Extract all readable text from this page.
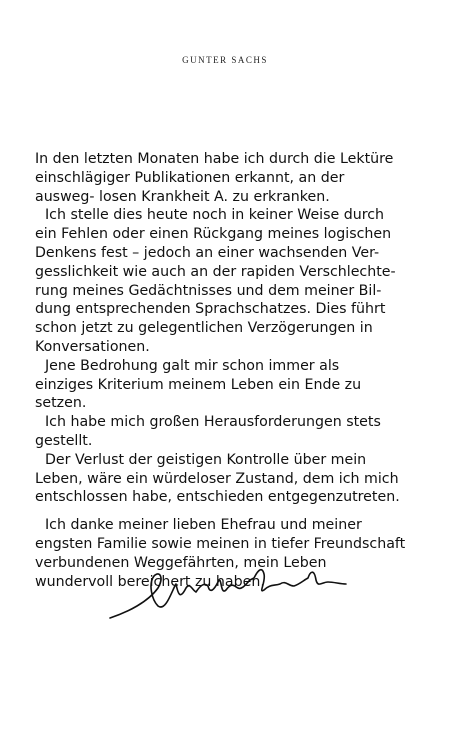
GUNTER SACHS
In den letzten Monaten habe ich durch die Lektüre
einschlägiger Publikationen erkannt, an der
ausweg- losen Krankheit A. zu erkranken.
Ich stelle dies heute noch in keiner Weise durch
ein Fehlen oder einen Rückgang meines logischen
Denkens fest – jedoch an einer wachsenden Ver-
gesslichkeit wie auch an der rapiden Verschlechte-
rung meines Gedächtnisses und dem meiner Bil-
dung entsprechenden Sprachschatzes. Dies führt
schon jetzt zu gelegentlichen Verzögerungen in
Konversationen.
Jene Bedrohung galt mir schon immer als
einziges Kriterium meinem Leben ein Ende zu
setzen.
Ich habe mich großen Herausforderungen stets
gestellt.
Der Verlust der geistigen Kontrolle über mein
Leben, wäre ein würdeloser Zustand, dem ich mich
entschlossen habe, entschieden entgegenzutreten.
Ich danke meiner lieben Ehefrau und meiner
engsten Familie sowie meinen in tiefer Freundschaft
verbundenen Weggefährten, mein Leben
wundervoll bereichert zu haben.
